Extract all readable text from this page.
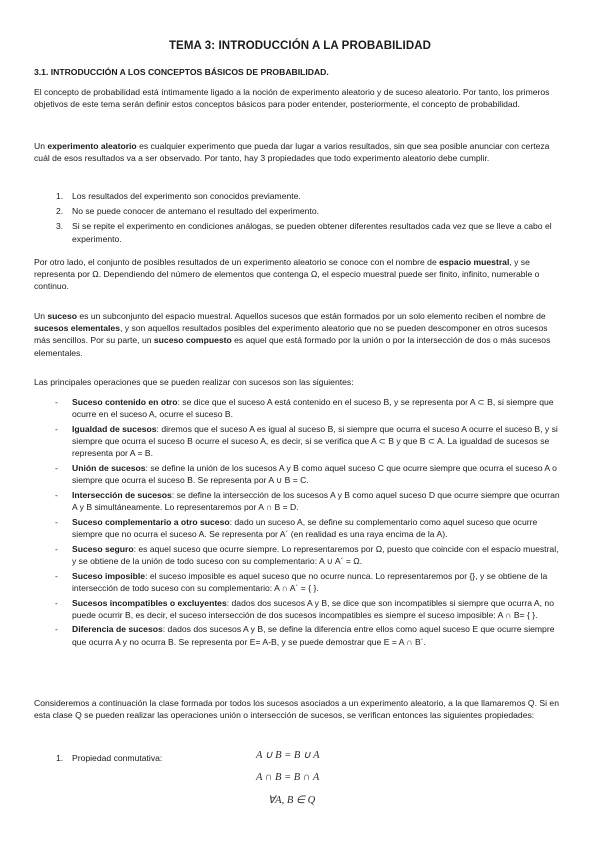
TEMA 3: INTRODUCCIÓN A LA PROBABILIDAD
3.1. INTRODUCCIÓN A LOS CONCEPTOS BÁSICOS DE PROBABILIDAD.

El concepto de probabilidad está íntimamente ligado a la noción de experimento aleatorio y de suceso aleatorio. Por tanto, los primeros objetivos de este tema serán definir estos conceptos básicos para poder entender, posteriormente, el concepto de probabilidad.

Un experimento aleatorio es cualquier experimento que pueda dar lugar a varios resultados, sin que sea posible anunciar con certeza cuál de esos resultados va a ser observado. Por tanto, hay 3 propiedades que todo experimento aleatorio debe cumplir.

1. Los resultados del experimento son conocidos previamente.
2. No se puede conocer de antemano el resultado del experimento.
3. Si se repite el experimento en condiciones análogas, se pueden obtener diferentes resultados cada vez que se lleve a cabo el experimento.

Por otro lado, el conjunto de posibles resultados de un experimento aleatorio se conoce con el nombre de espacio muestral, y se representa por Ω. Dependiendo del número de elementos que contenga Ω, el especio muestral puede ser finito, infinito, numerable o continuo.

Un suceso es un subconjunto del espacio muestral. Aquellos sucesos que están formados por un solo elemento reciben el nombre de sucesos elementales, y son aquellos resultados posibles del experimento aleatorio que no se pueden descomponer en otros sucesos más sencillos. Por su parte, un suceso compuesto es aquel que está formado por la unión o por la intersección de dos o más sucesos elementales.

Las principales operaciones que se pueden realizar con sucesos son las siguientes:

- Suceso contenido en otro: se dice que el suceso A está contenido en el suceso B, y se representa por A ⊂ B, si siempre que ocurre en el suceso A, ocurre el suceso B.
- Igualdad de sucesos: diremos que el suceso A es igual al suceso B, si siempre que ocurra el suceso A ocurre el suceso B, y si siempre que ocurra el suceso B ocurre el suceso A, es decir, si se verifica que A ⊂ B y que B ⊂ A. La igualdad de sucesos se representa por A = B.
- Unión de sucesos: se define la unión de los sucesos A y B como aquel suceso C que ocurre siempre que ocurra el suceso A o siempre que ocurra el suceso B. Se representa por A ∪ B = C.
- Intersección de sucesos: se define la intersección de los sucesos A y B como aquel suceso D que ocurre siempre que ocurran A y B simultáneamente. Lo representaremos por A ∩ B = D.
- Suceso complementario a otro suceso: dado un suceso A, se define su complementario como aquel suceso que ocurre siempre que no ocurra el suceso A. Se representa por A´ (en realidad es una raya encima de la A).
- Suceso seguro: es aquel suceso que ocurre siempre. Lo representaremos por Ω, puesto que coincide con el espacio muestral, y se obtiene de la unión de todo suceso con su complementario: A ∪ A´ = Ω.
- Suceso imposible: el suceso imposible es aquel suceso que no ocurre nunca. Lo representaremos por {}, y se obtiene de la intersección de todo suceso con su complementario: A ∩ A´ = { }.
- Sucesos incompatibles o excluyentes: dados dos sucesos A y B, se dice que son incompatibles si siempre que ocurra A, no puede ocurrir B, es decir, el suceso intersección de dos sucesos incompatibles es siempre el suceso imposible: A ∩ B= { }.
- Diferencia de sucesos: dados dos sucesos A y B, se define la diferencia entre ellos como aquel suceso E que ocurre siempre que ocurra A y no ocurra B. Se representa por E= A-B, y se puede demostrar que E = A ∩ B´.

Consideremos a continuación la clase formada por todos los sucesos asociados a un experimento aleatorio, a la que llamaremos Q. Si en esta clase Q se pueden realizar las operaciones unión o intersección de sucesos, se verifican entonces las siguientes propiedades:

1. Propiedad conmutativa:	A ∪ B = B ∪ A
A ∩ B = B ∩ A
∀A, B ∈ Q
